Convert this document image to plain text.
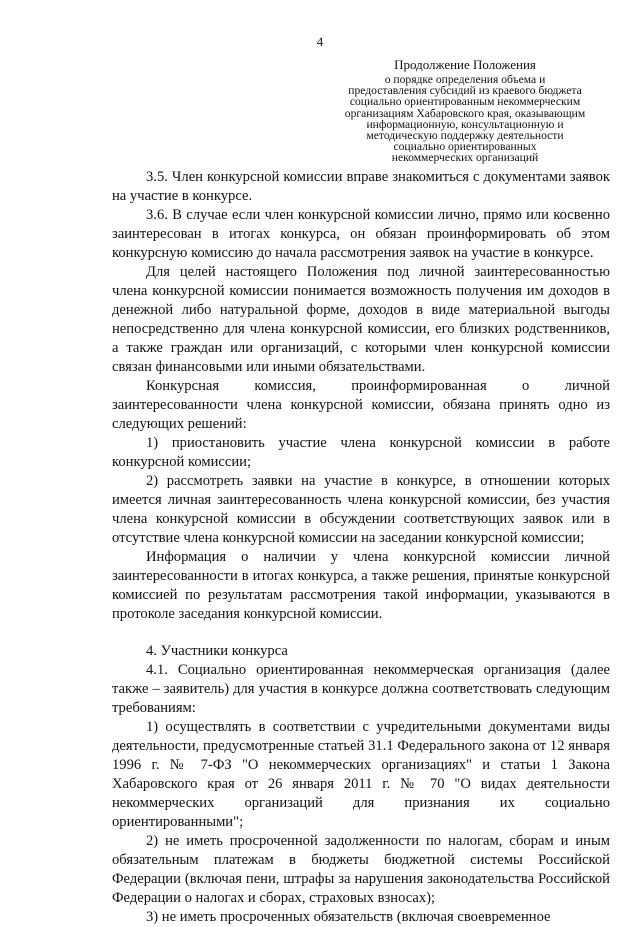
4
Продолжение Положения
о порядке определения объема и
предоставления субсидий из краевого бюджета
социально ориентированным некоммерческим
организациям Хабаровского края, оказывающим
информационную, консультационную и
методическую поддержку деятельности
социально ориентированных
некоммерческих организаций

3.5. Член конкурсной комиссии вправе знакомиться с документами заявок на участие в конкурсе.

3.6. В случае если член конкурсной комиссии лично, прямо или косвенно заинтересован в итогах конкурса, он обязан проинформировать об этом конкурсную комиссию до начала рассмотрения заявок на участие в конкурсе.

Для целей настоящего Положения под личной заинтересованностью члена конкурсной комиссии понимается возможность получения им доходов в денежной либо натуральной форме, доходов в виде материальной выгоды непосредственно для члена конкурсной комиссии, его близких родственников, а также граждан или организаций, с которыми член конкурсной комиссии связан финансовыми или иными обязательствами.

Конкурсная комиссия, проинформированная о личной заинтересованности члена конкурсной комиссии, обязана принять одно из следующих решений:

1) приостановить участие члена конкурсной комиссии в работе конкурсной комиссии;

2) рассмотреть заявки на участие в конкурсе, в отношении которых имеется личная заинтересованность члена конкурсной комиссии, без участия члена конкурсной комиссии в обсуждении соответствующих заявок или в отсутствие члена конкурсной комиссии на заседании конкурсной комиссии;

Информация о наличии у члена конкурсной комиссии личной заинтересованности в итогах конкурса, а также решения, принятые конкурсной комиссией по результатам рассмотрения такой информации, указываются в протоколе заседания конкурсной комиссии.

4. Участники конкурса

4.1. Социально ориентированная некоммерческая организация (далее также – заявитель) для участия в конкурсе должна соответствовать следующим требованиям:

1) осуществлять в соответствии с учредительными документами виды деятельности, предусмотренные статьей 31.1 Федерального закона от 12 января 1996 г. № 7-ФЗ "О некоммерческих организациях" и статьи 1 Закона Хабаровского края от 26 января 2011 г. № 70 "О видах деятельности некоммерческих организаций для признания их социально ориентированными";

2) не иметь просроченной задолженности по налогам, сборам и иным обязательным платежам в бюджеты бюджетной системы Российской Федерации (включая пени, штрафы за нарушения законодательства Российской Федерации о налогах и сборах, страховых взносах);

3) не иметь просроченных обязательств (включая своевременное
